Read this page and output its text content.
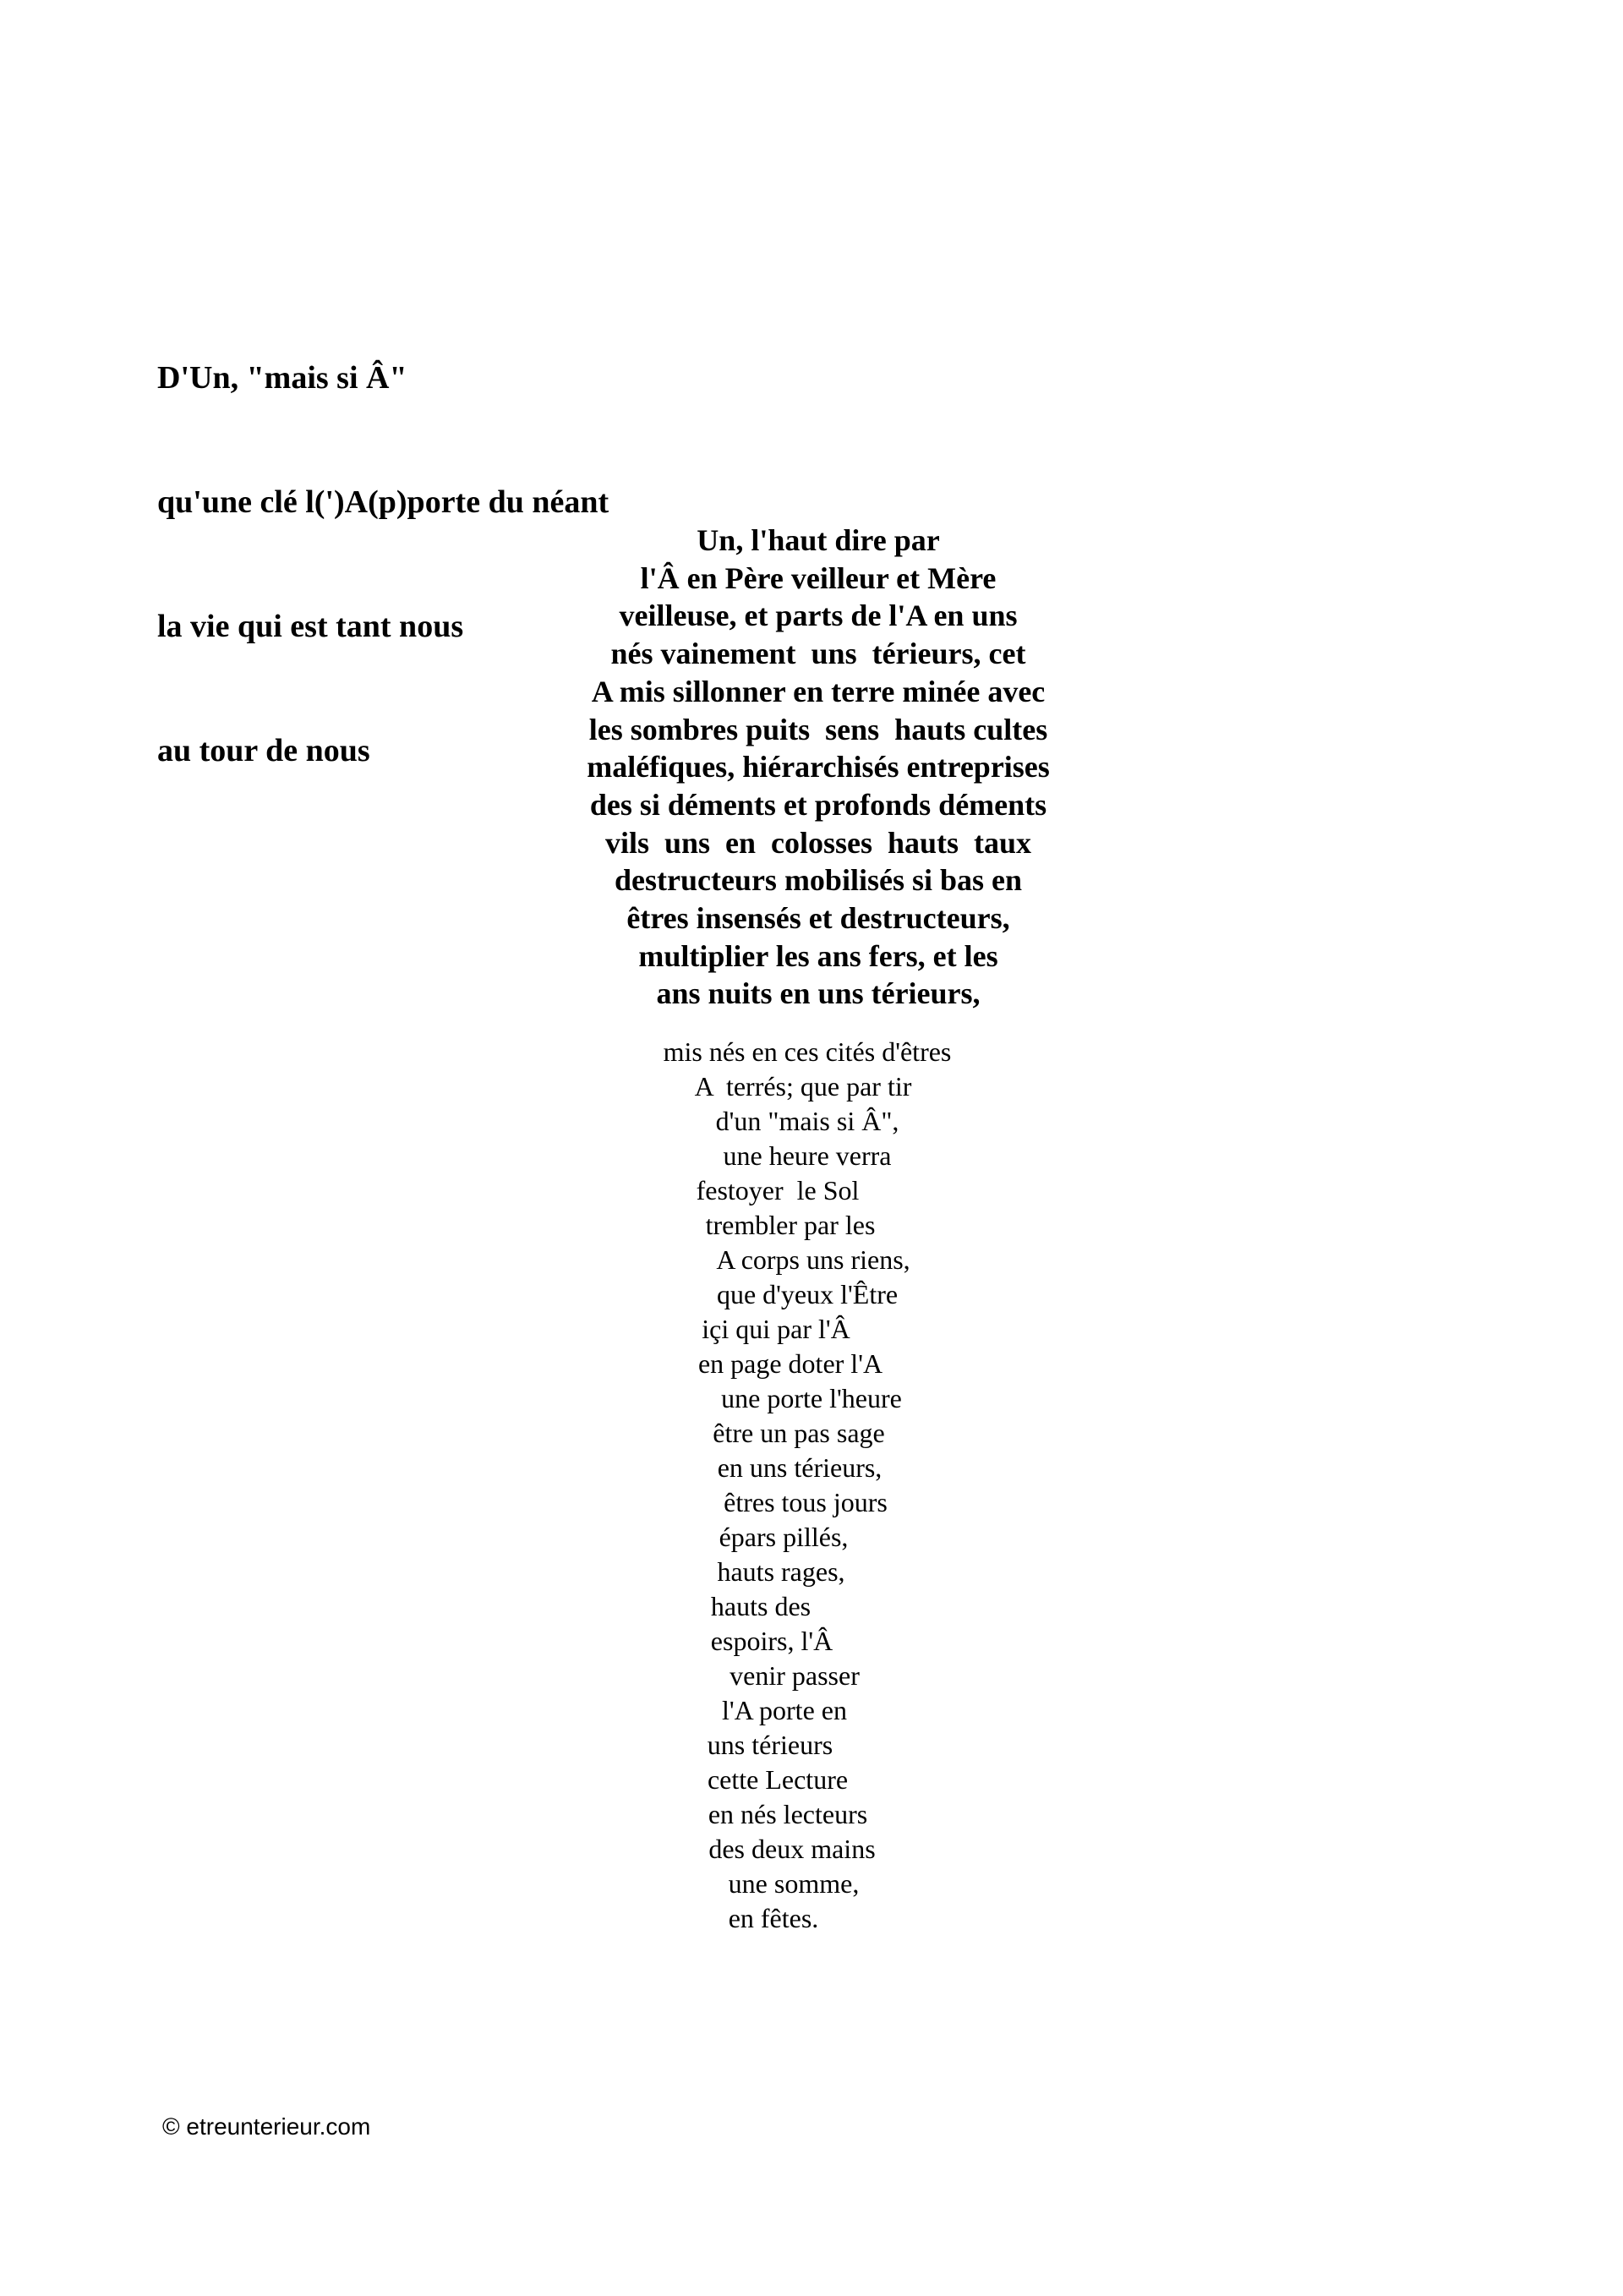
D'Un, "mais si Â"

qu'une clé l(')A(p)porte du néant

la vie qui est tant nous

au tour de nous

Un, l'haut dire par
l'Â en Père veilleur et Mère
veilleuse, et parts de l'A en uns
nés vainement  uns  térieurs, cet
A mis sillonner en terre minée avec
les sombres puits  sens  hauts cultes
maléfiques, hiérarchisés entreprises
des si déments et profonds déments
vils  uns  en  colosses  hauts  taux
destructeurs mobilisés si bas en
êtres insensés et destructeurs,
multiplier les ans fers, et les
ans nuits en uns térieurs,
mis nés en ces cités d'êtres
A  terrés; que par tir
d'un "mais si Â",
une heure verra
festoyer  le Sol
trembler par les
A corps uns riens,
que d'yeux l'Être
içi qui par l'Â
en page doter l'A
une porte l'heure
être un pas sage
en uns térieurs,
êtres tous jours
épars pillés,
hauts rages,
hauts des
espoirs, l'Â
venir passer
l'A porte en
uns térieurs
cette Lecture
en nés lecteurs
des deux mains
une somme,
en fêtes.
© etreunterieur.com
